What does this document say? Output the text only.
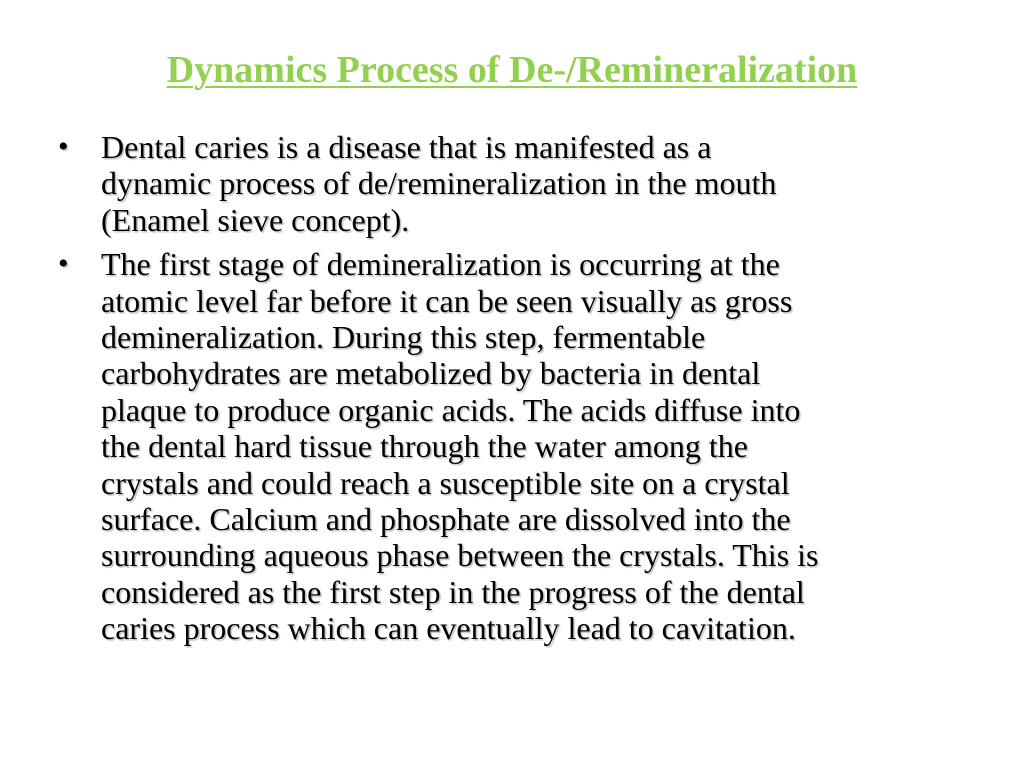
Dynamics Process of De-/Remineralization
•	Dental caries is a disease that is manifested as a
dynamic process of de/remineralization in the mouth
(Enamel sieve concept).
•	The first stage of demineralization is occurring at the
atomic level far before it can be seen visually as gross
demineralization. During this step, fermentable
carbohydrates are metabolized by bacteria in dental
plaque to produce organic acids. The acids diffuse into
the dental hard tissue through the water among the
crystals and could reach a susceptible site on a crystal
surface. Calcium and phosphate are dissolved into the
surrounding aqueous phase between the crystals. This is
considered as the first step in the progress of the dental
caries process which can eventually lead to cavitation.
